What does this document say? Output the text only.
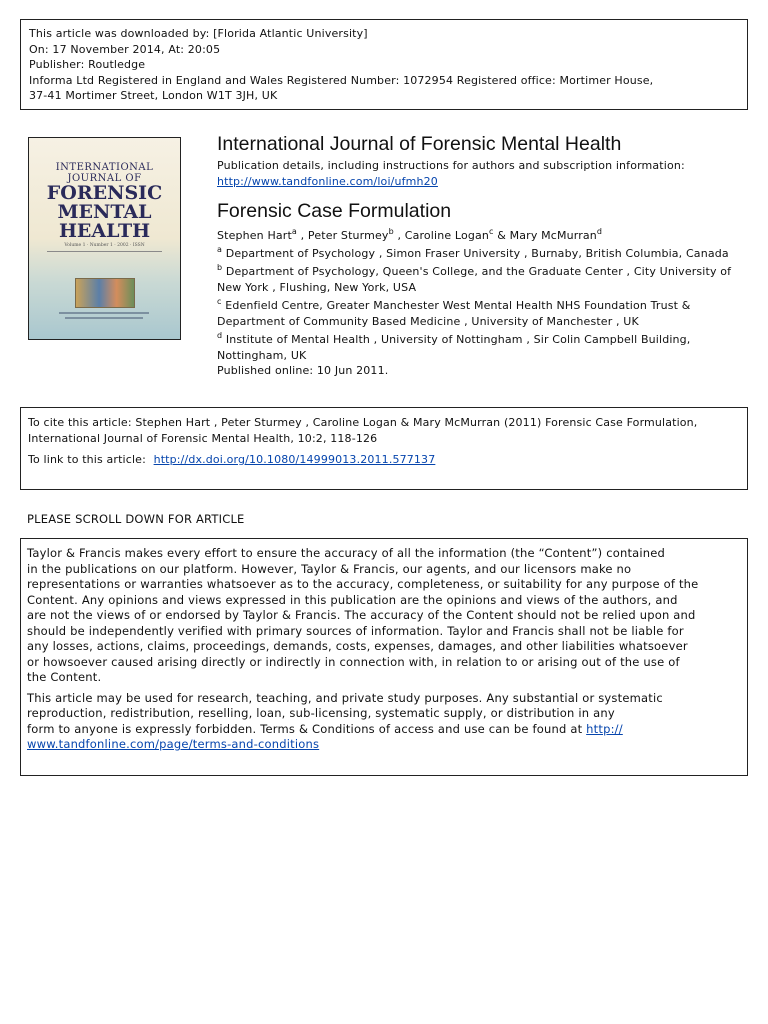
This article was downloaded by: [Florida Atlantic University]

On: 17 November 2014, At: 20:05

Publisher: Routledge

Informa Ltd Registered in England and Wales Registered Number: 1072954 Registered office: Mortimer House,

37-41 Mortimer Street, London W1T 3JH, UK

INTERNATIONAL
JOURNAL OF
FORENSIC
MENTAL
HEALTH
Volume 1 · Number 1 · 2002 · ISSN
International Journal of Forensic Mental Health

Publication details, including instructions for authors and subscription information:

http://www.tandfonline.com/loi/ufmh20
Forensic Case Formulation

Stephen Hart$^a$ , Peter Sturmey$^b$ , Caroline Logan$^c$ & Mary McMurran$^d$

$^a$ Department of Psychology , Simon Fraser University , Burnaby, British Columbia, Canada

$^b$ Department of Psychology, Queen's College, and the Graduate Center , City University of

New York , Flushing, New York, USA

$^c$ Edenfield Centre, Greater Manchester West Mental Health NHS Foundation Trust &

Department of Community Based Medicine , University of Manchester , UK

$^d$ Institute of Mental Health , University of Nottingham , Sir Colin Campbell Building,

Nottingham, UK

Published online: 10 Jun 2011.

To cite this article: Stephen Hart , Peter Sturmey , Caroline Logan & Mary McMurran (2011) Forensic Case Formulation,

International Journal of Forensic Mental Health, 10:2, 118-126

To link to this article: http://dx.doi.org/10.1080/14999013.2011.577137

PLEASE SCROLL DOWN FOR ARTICLE

Taylor & Francis makes every effort to ensure the accuracy of all the information (the “Content”) contained

in the publications on our platform. However, Taylor & Francis, our agents, and our licensors make no

representations or warranties whatsoever as to the accuracy, completeness, or suitability for any purpose of the

Content. Any opinions and views expressed in this publication are the opinions and views of the authors, and

are not the views of or endorsed by Taylor & Francis. The accuracy of the Content should not be relied upon and

should be independently verified with primary sources of information. Taylor and Francis shall not be liable for

any losses, actions, claims, proceedings, demands, costs, expenses, damages, and other liabilities whatsoever

or howsoever caused arising directly or indirectly in connection with, in relation to or arising out of the use of

the Content.

This article may be used for research, teaching, and private study purposes. Any substantial or systematic

reproduction, redistribution, reselling, loan, sub-licensing, systematic supply, or distribution in any

form to anyone is expressly forbidden. Terms & Conditions of access and use can be found at http://

www.tandfonline.com/page/terms-and-conditions
